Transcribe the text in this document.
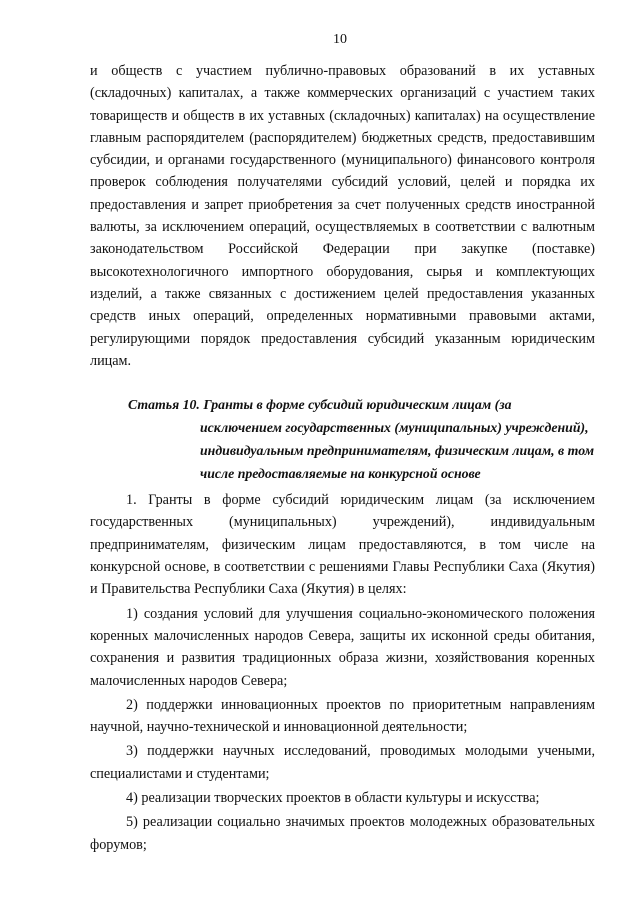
10

и обществ с участием публично-правовых образований в их уставных (складочных) капиталах, а также коммерческих организаций с участием таких товариществ и обществ в их уставных (складочных) капиталах) на осуществление главным распорядителем (распорядителем) бюджетных средств, предоставившим субсидии, и органами государственного (муниципального) финансового контроля проверок соблюдения получателями субсидий условий, целей и порядка их предоставления и запрет приобретения за счет полученных средств иностранной валюты, за исключением операций, осуществляемых в соответствии с валютным законодательством Российской Федерации при закупке (поставке) высокотехнологичного импортного оборудования, сырья и комплектующих изделий, а также связанных с достижением целей предоставления указанных средств иных операций, определенных нормативными правовыми актами, регулирующими порядок предоставления субсидий указанным юридическим лицам.

Статья 10. Гранты в форме субсидий юридическим лицам (за исключением государственных (муниципальных) учреждений), индивидуальным предпринимателям, физическим лицам, в том числе предоставляемые на конкурсной основе

1. Гранты в форме субсидий юридическим лицам (за исключением государственных (муниципальных) учреждений), индивидуальным предпринимателям, физическим лицам предоставляются, в том числе на конкурсной основе, в соответствии с решениями Главы Республики Саха (Якутия) и Правительства Республики Саха (Якутия) в целях:

1) создания условий для улучшения социально-экономического положения коренных малочисленных народов Севера, защиты их исконной среды обитания, сохранения и развития традиционных образа жизни, хозяйствования коренных малочисленных народов Севера;

2) поддержки инновационных проектов по приоритетным направлениям научной, научно-технической и инновационной деятельности;

3) поддержки научных исследований, проводимых молодыми учеными, специалистами и студентами;

4) реализации творческих проектов в области культуры и искусства;

5) реализации социально значимых проектов молодежных образовательных форумов;
